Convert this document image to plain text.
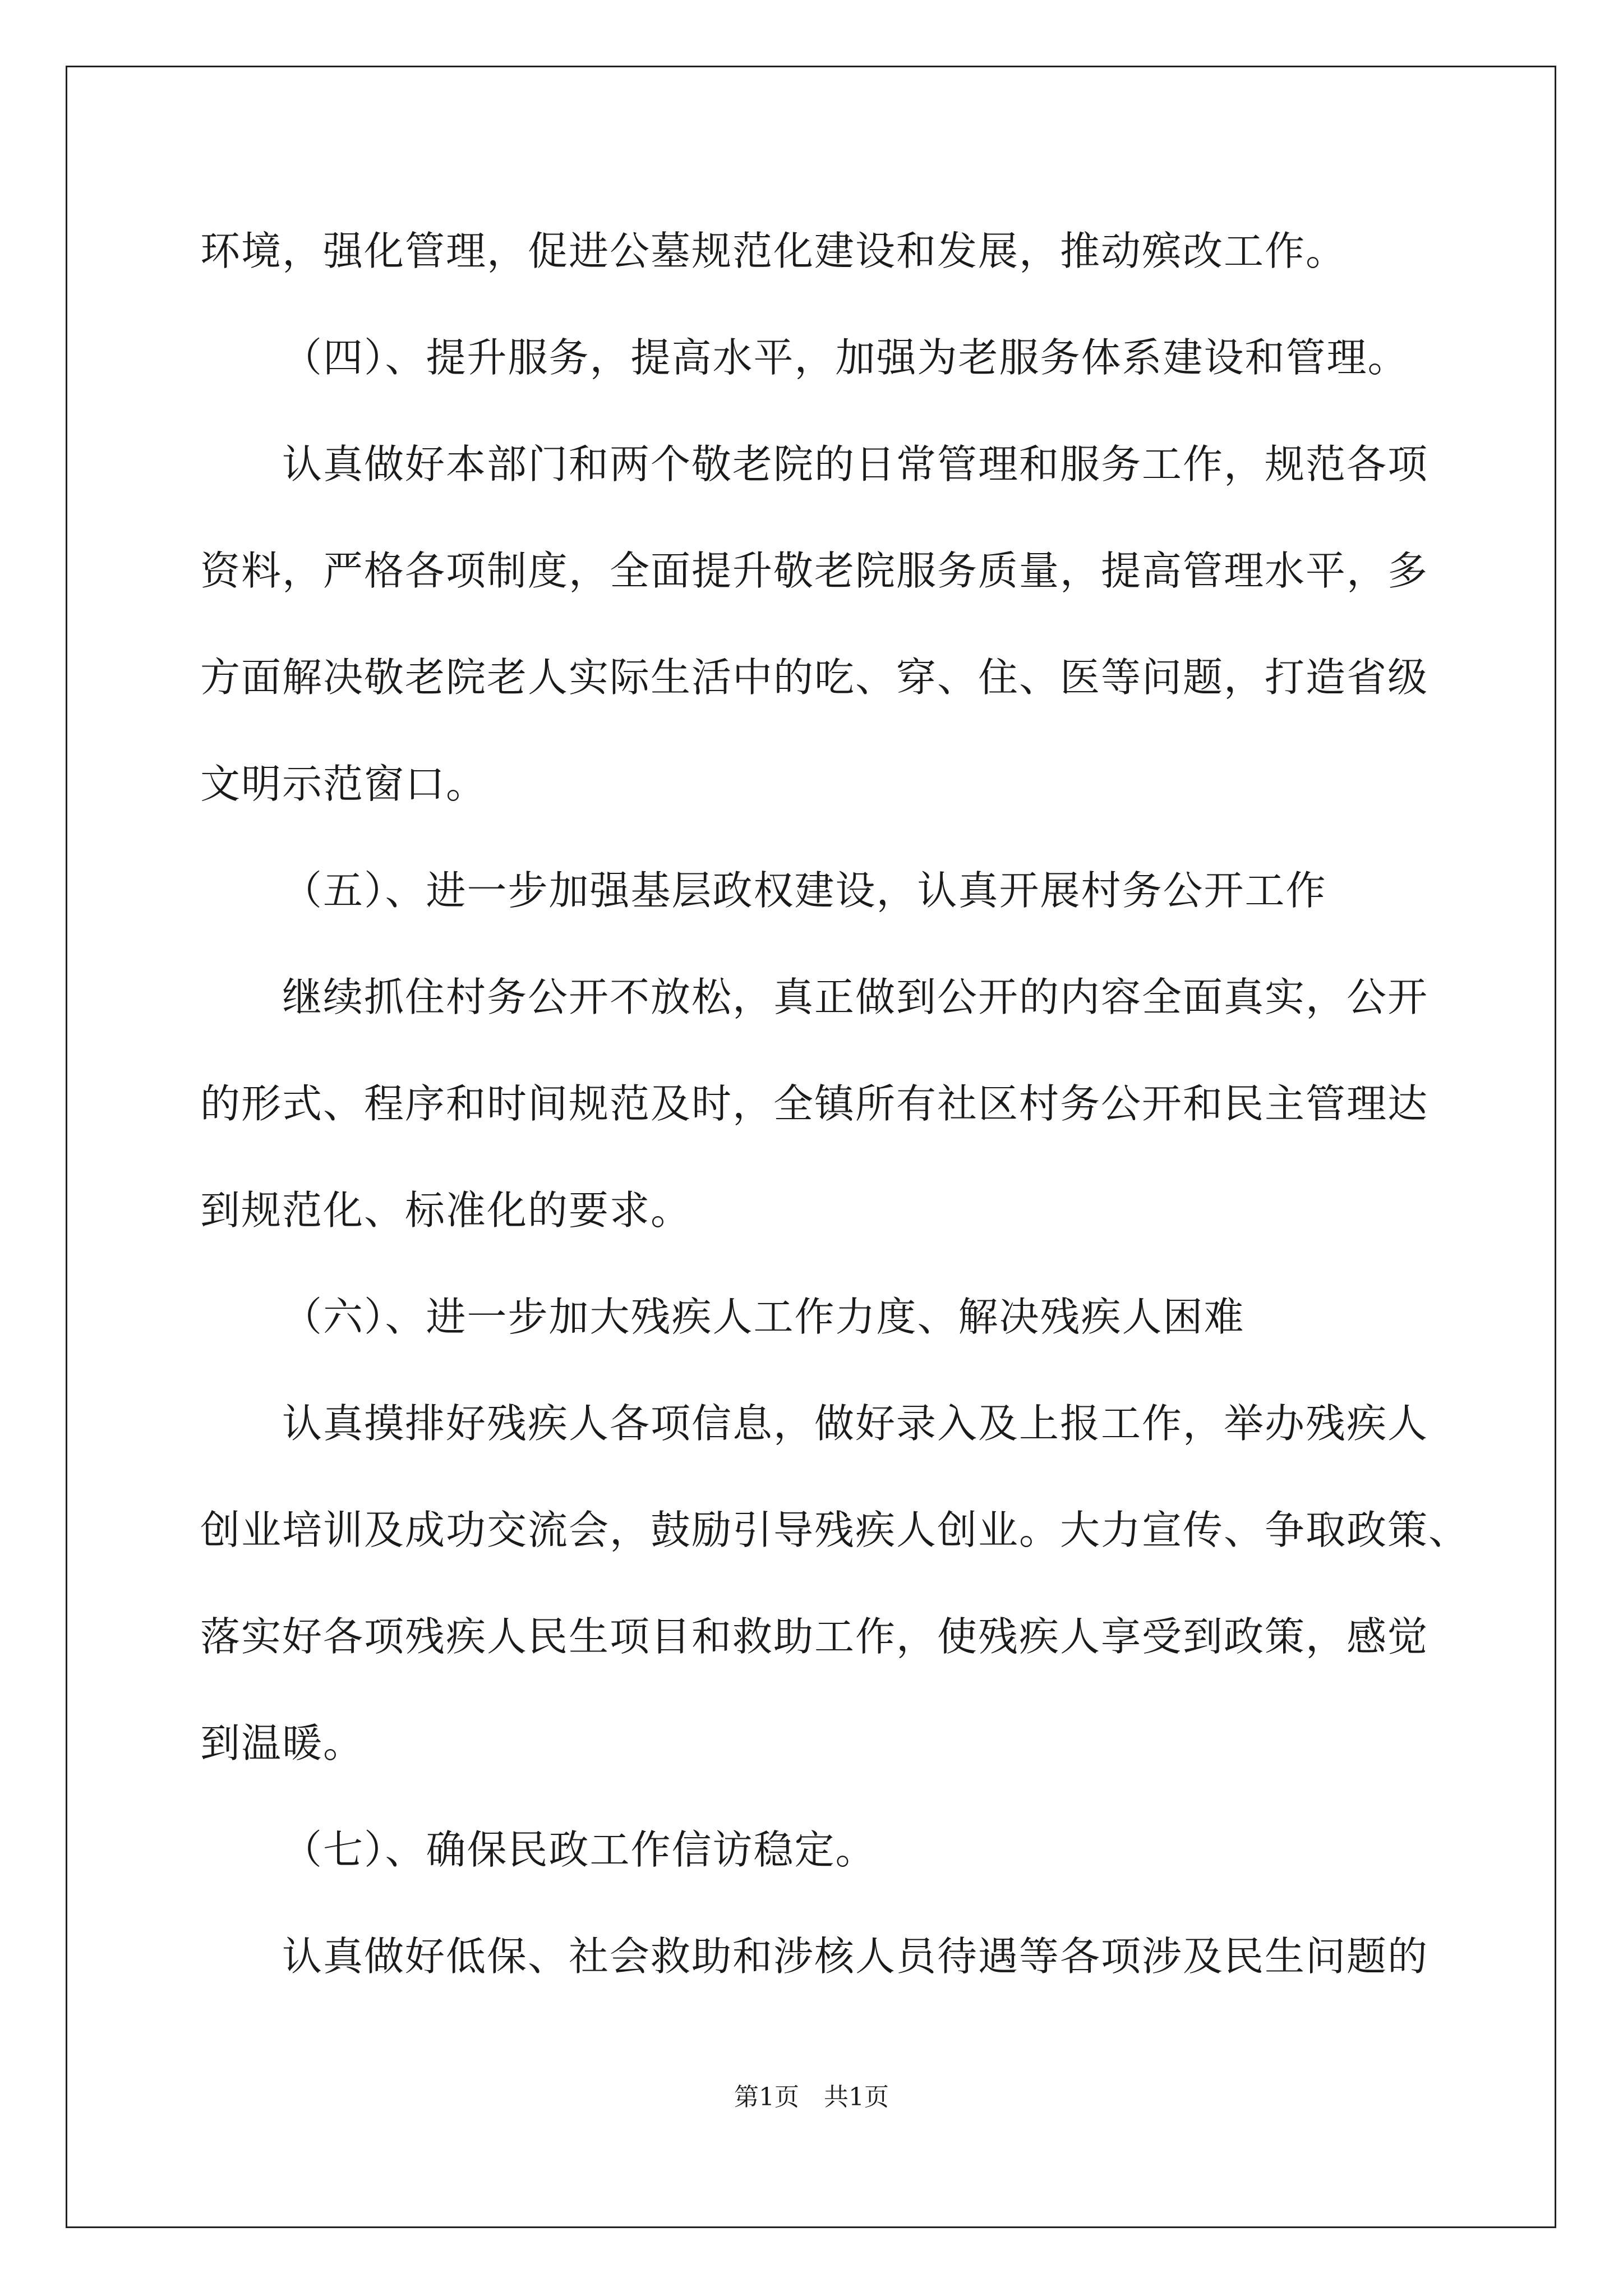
环境，强化管理，促进公墓规范化建设和发展，推动殡改工作。
（四）、提升服务，提高水平，加强为老服务体系建设和管理。
认真做好本部门和两个敬老院的日常管理和服务工作，规范各项
资料，严格各项制度，全面提升敬老院服务质量，提高管理水平，多
方面解决敬老院老人实际生活中的吃、穿、住、医等问题，打造省级
文明示范窗口。
（五）、进一步加强基层政权建设，认真开展村务公开工作
继续抓住村务公开不放松，真正做到公开的内容全面真实，公开
的形式、程序和时间规范及时，全镇所有社区村务公开和民主管理达
到规范化、标准化的要求。
（六）、进一步加大残疾人工作力度、解决残疾人困难
认真摸排好残疾人各项信息，做好录入及上报工作，举办残疾人
创业培训及成功交流会，鼓励引导残疾人创业。大力宣传、争取政策、
落实好各项残疾人民生项目和救助工作，使残疾人享受到政策，感觉
到温暖。
（七）、确保民政工作信访稳定。
认真做好低保、社会救助和涉核人员待遇等各项涉及民生问题的
第1页　共1页
